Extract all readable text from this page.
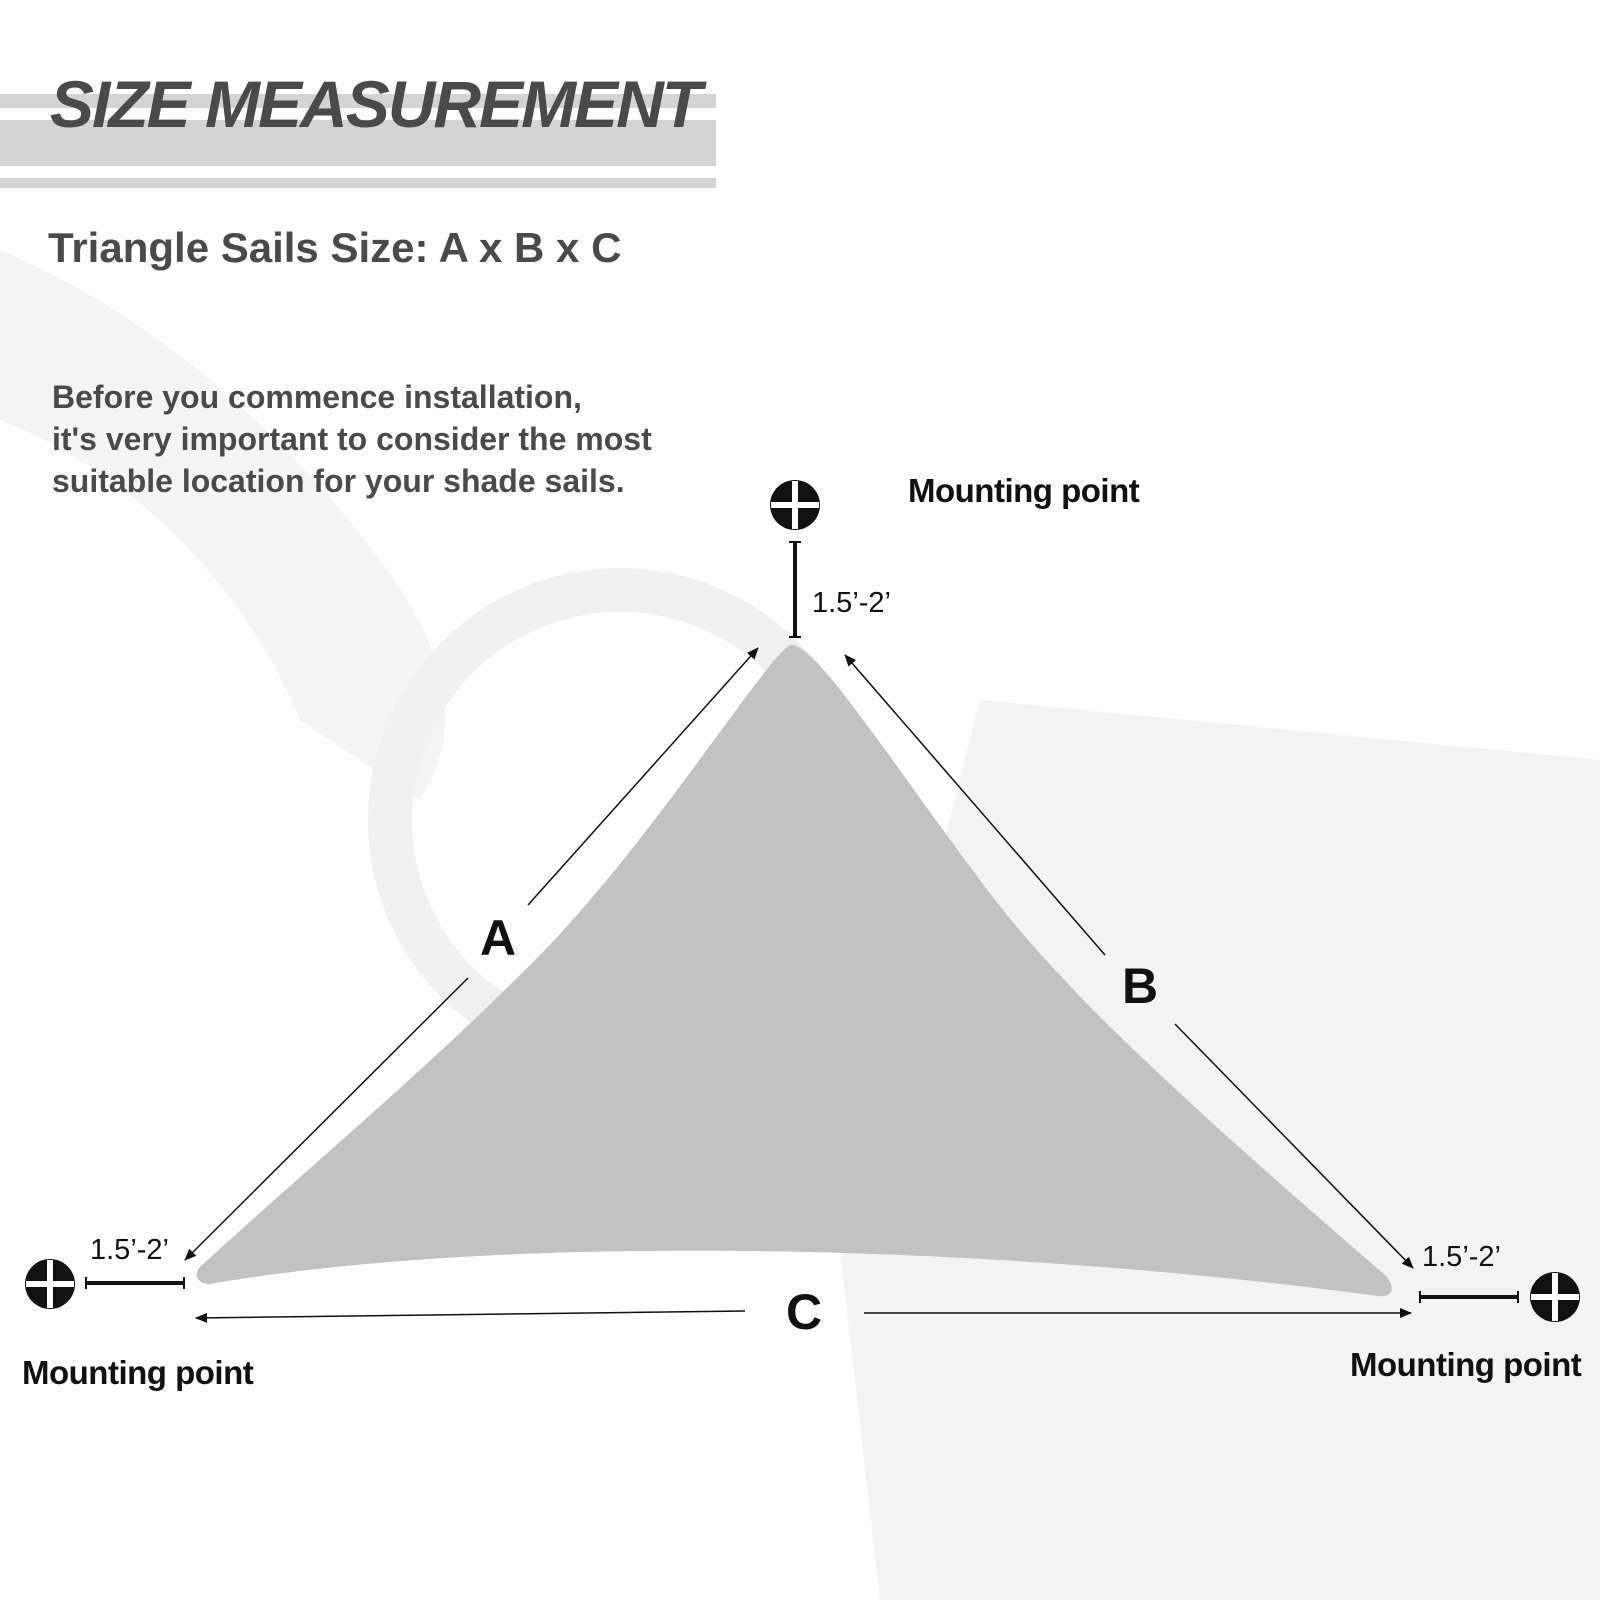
A
B
C
1.5’-2’
Mounting point
1.5’-2’
Mounting point
1.5’-2’
Mounting point
SIZE MEASUREMENT
Triangle Sails Size: A x B x C

Before you commence installation,
it's very important to consider the most
suitable location for your shade sails.
